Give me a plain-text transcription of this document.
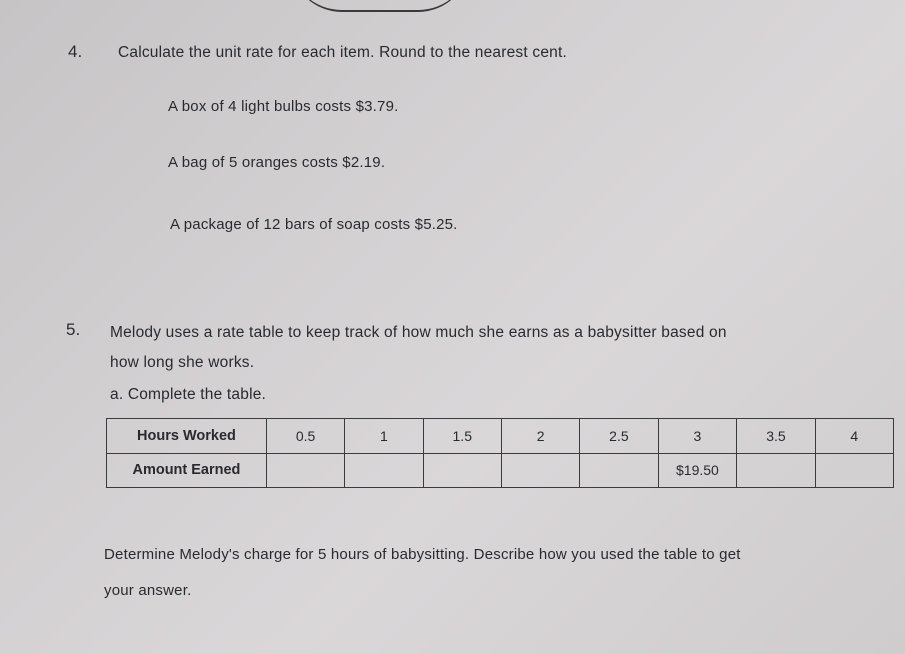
4. Calculate the unit rate for each item. Round to the nearest cent.
A box of 4 light bulbs costs $3.79.
A bag of 5 oranges costs $2.19.
A package of 12 bars of soap costs $5.25.
5. Melody uses a rate table to keep track of how much she earns as a babysitter based on
how long she works.
a. Complete the table.
Hours Worked	0.5	1	1.5	2	2.5	3	3.5	4
Amount Earned						$19.50		
Determine Melody's charge for 5 hours of babysitting. Describe how you used the table to get
your answer.
